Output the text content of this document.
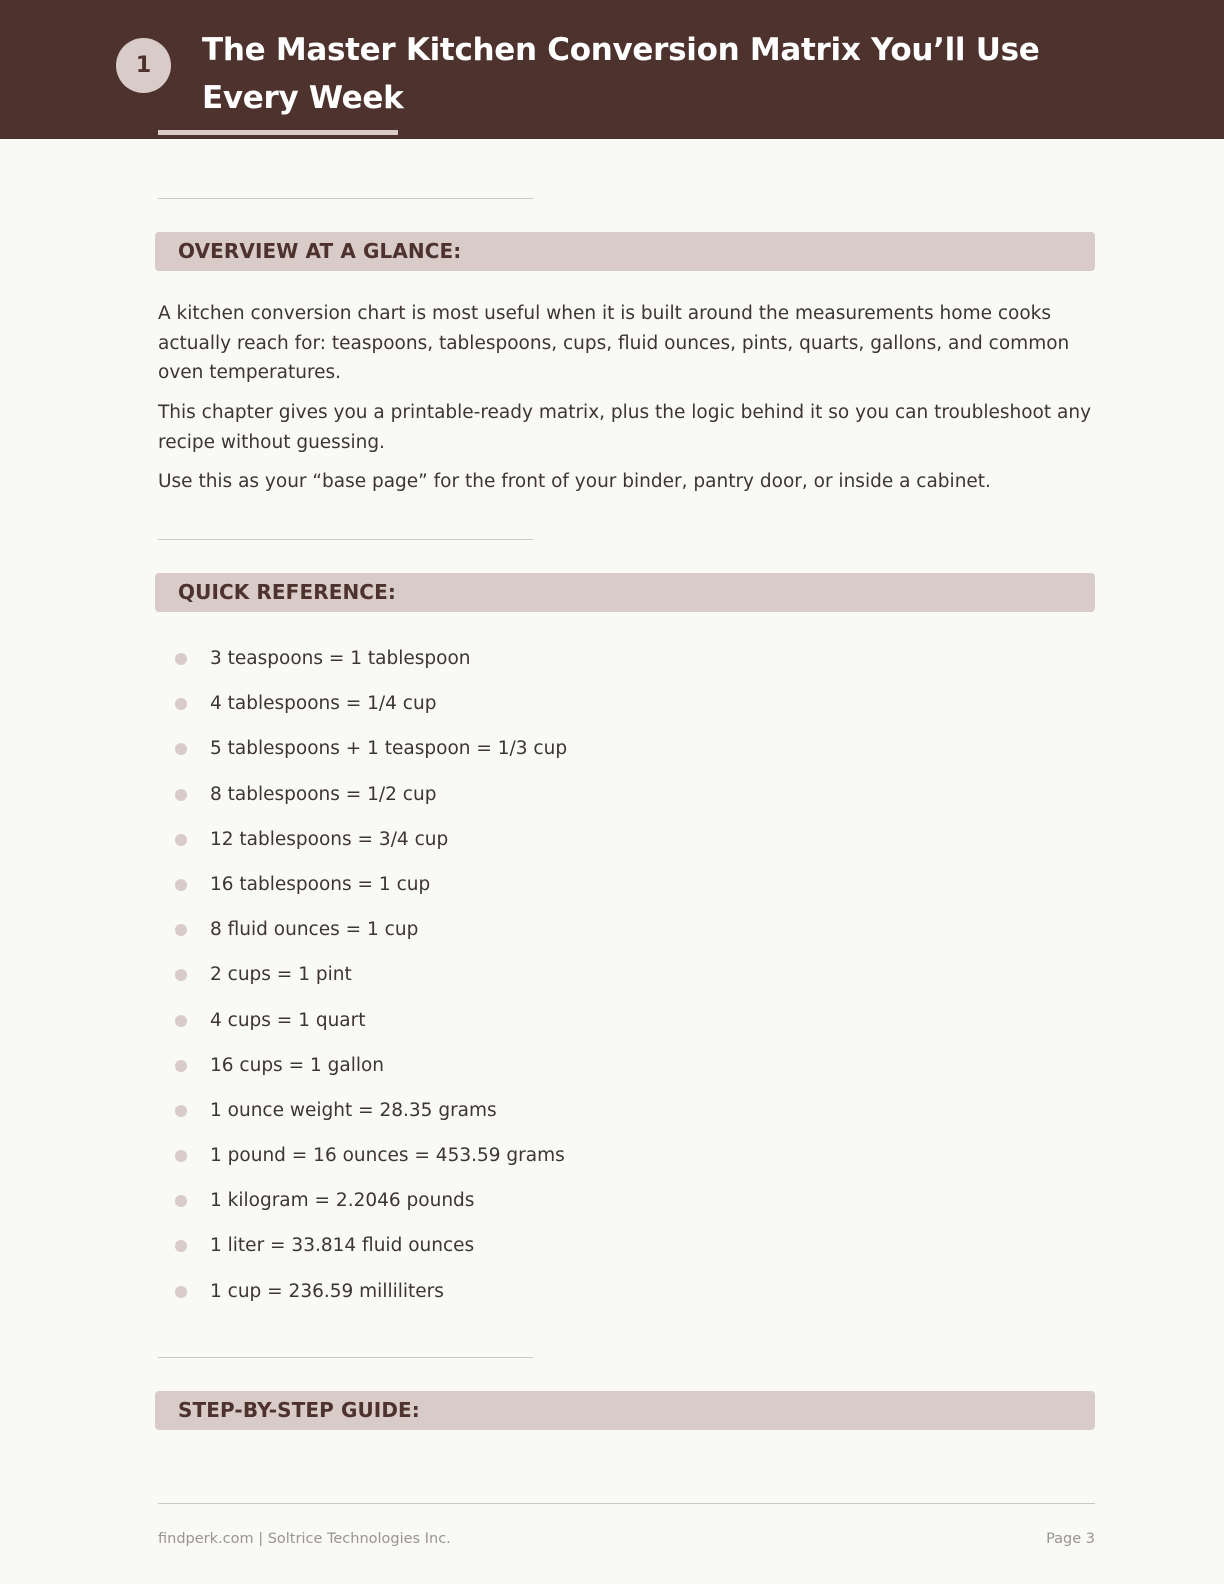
1	The Master Kitchen Conversion Matrix You’ll Use Every Week
OVERVIEW AT A GLANCE:

A kitchen conversion chart is most useful when it is built around the measurements home cooks actually reach for: teaspoons, tablespoons, cups, fluid ounces, pints, quarts, gallons, and common oven temperatures.

This chapter gives you a printable-ready matrix, plus the logic behind it so you can troubleshoot any recipe without guessing.

Use this as your “base page” for the front of your binder, pantry door, or inside a cabinet.

QUICK REFERENCE:
3 teaspoons = 1 tablespoon
4 tablespoons = 1/4 cup
5 tablespoons + 1 teaspoon = 1/3 cup
8 tablespoons = 1/2 cup
12 tablespoons = 3/4 cup
16 tablespoons = 1 cup
8 fluid ounces = 1 cup
2 cups = 1 pint
4 cups = 1 quart
16 cups = 1 gallon
1 ounce weight = 28.35 grams
1 pound = 16 ounces = 453.59 grams
1 kilogram = 2.2046 pounds
1 liter = 33.814 fluid ounces
1 cup = 236.59 milliliters
STEP-BY-STEP GUIDE:
findperk.com | Soltrice Technologies Inc.	Page 3
